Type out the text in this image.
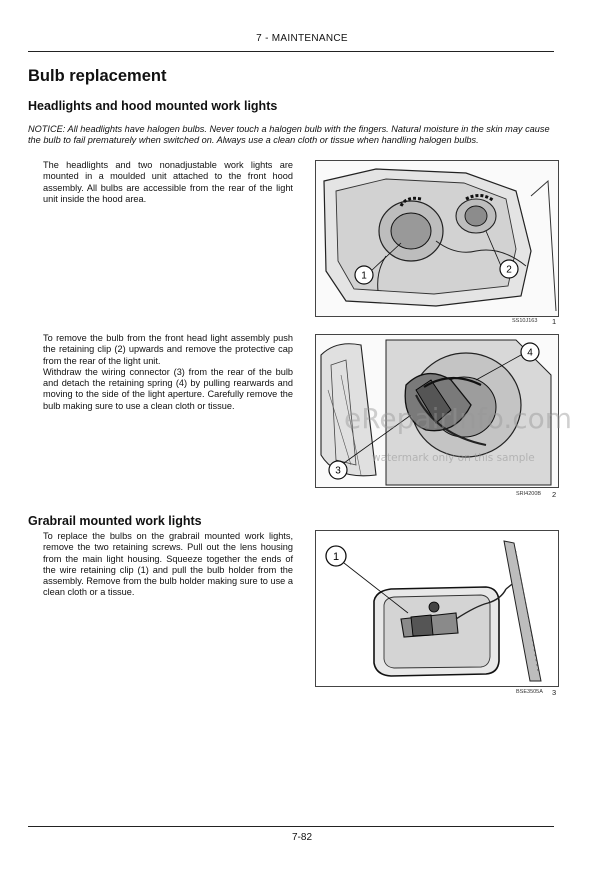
7 - MAINTENANCE
Bulb replacement
Headlights and hood mounted work lights
NOTICE: All headlights have halogen bulbs. Never touch a halogen bulb with the fingers. Natural moisture in the skin may cause the bulb to fail prematurely when switched on. Always use a clean cloth or tissue when handling halogen bulbs.

The headlights and two nonadjustable work lights are mounted in a moulded unit attached to the front hood assembly. All bulbs are accessible from the rear of the light unit inside the hood area.

To remove the bulb from the front head light assembly push the retaining clip (2) upwards and remove the protective cap from the rear of the light unit.

Withdraw the wiring connector (3) from the rear of the bulb and detach the retaining spring (4) by pulling rearwards and moving to the side of the light aperture. Carefully remove the bulb making sure to use a clean cloth or tissue.

1
2
SS10J163 1
4
3
SRI4200B 2
eRepairInfo.com
watermark only on this sample
Grabrail mounted work lights

To replace the bulbs on the grabrail mounted work lights, remove the two retaining screws. Pull out the lens housing from the main light housing. Squeeze together the ends of the wire retaining clip (1) and pull the bulb holder from the assembly. Remove from the bulb holder making sure to use a clean cloth or a tissue.

1
BSE3505A 3
7-82
